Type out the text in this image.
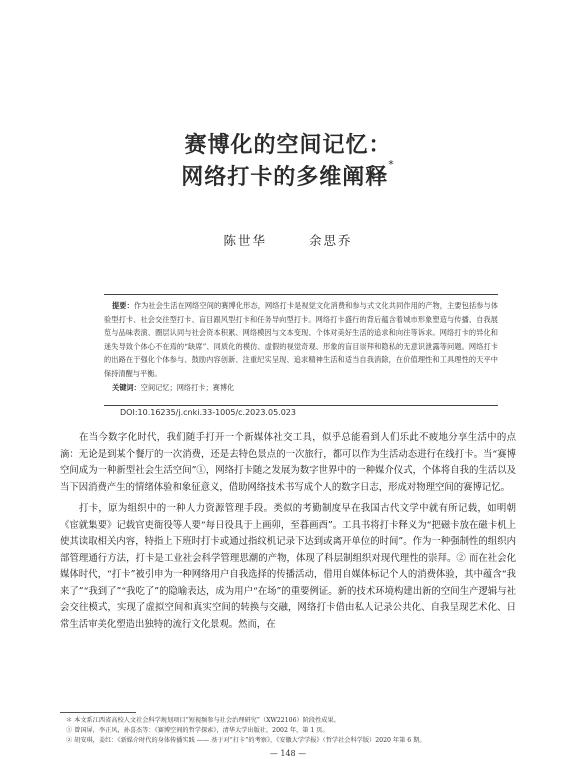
赛博化的空间记忆：
网络打卡的多维阐释*
陈世华	余思乔

提要：作为社会生活在网络空间的赛博化形态，网络打卡是视觉文化消费和参与式文化共同作用的产物，主要包括参与体验型打卡、社会交往型打卡、盲目跟风型打卡和任务导向型打卡。网络打卡盛行的背后蕴含着城市形象塑造与传播、自我展览与品味表演、圈层认同与社会资本积累、网络模因与文本变现、个体对美好生活的追求和向往等诉求。网络打卡的异化和迷失导致个体心不在焉的“缺席”、同质化的模仿、虚假的视觉奇观、形象的盲目崇拜和隐私的无意识泄露等问题。网络打卡的出路在于强化个体参与、鼓励内容创新、注重纪实呈现、追求精神生活和适当自我消除，在价值理性和工具理性的天平中保持清醒与平衡。

关键词：空间记忆；网络打卡；赛博化

DOI:10.16235/j.cnki.33-1005/c.2023.05.023

在当今数字化时代，我们随手打开一个新媒体社交工具，似乎总能看到人们乐此不疲地分享生活中的点滴：无论是到某个餐厅的一次消费，还是去特色景点的一次旅行，都可以作为生活动态进行在线打卡。当“赛博空间成为一种新型社会生活空间”①，网络打卡随之发展为数字世界中的一种媒介仪式，个体将自我的生活以及当下因消费产生的情绪体验和象征意义，借助网络技术书写成个人的数字日志，形成对物理空间的赛博记忆。

打卡，原为组织中的一种人力资源管理手段。类似的考勤制度早在我国古代文学中就有所记载，如明朝《宦就集要》记载官吏衙役等人要“每日役具于上画卯，至暮画酉”。工具书将打卡释义为“把磁卡放在磁卡机上使其读取相关内容，特指上下班时打卡或通过指纹机记录下达到或离开单位的时间”。作为一种强制性的组织内部管理通行方法，打卡是工业社会科学管理思潮的产物，体现了科层制组织对现代理性的崇拜。② 而在社会化媒体时代，“打卡”被引申为一种网络用户自我选择的传播活动，借用自媒体标记个人的消费体验，其中蕴含“我来了”“我到了”“我吃了”的隐喻表达，成为用户“在场”的重要例证。新的技术环境构建出新的空间生产逻辑与社会交往模式，实现了虚拟空间和真实空间的转换与交融，网络打卡借由私人记录公共化、自我呈现艺术化、日常生活审美化塑造出独特的流行文化景观。然而，在

＊ 本文系江西省高校人文社会科学规划项目“短视频参与社会治理研究”（XW22106）阶段性成果。
① 曾国屏，李正风，孙喜杰等：《赛博空间的哲学探索》，清华大学出版社，2002 年，第 1 页。
② 胡安琪，姜红：《新媒介时代的身体传播实践 —— 基于对“打卡”的考察》，《安徽大学学报》（哲学社会科学版）2020 年第 6 期。
— 148 —
